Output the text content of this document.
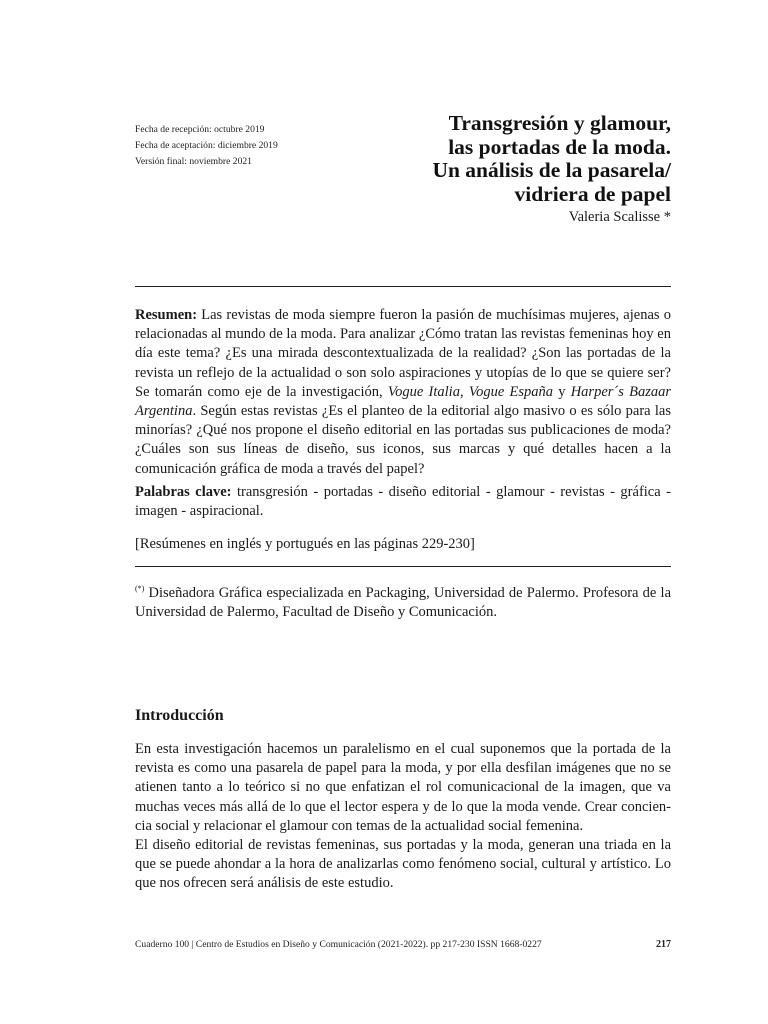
Fecha de recepción: octubre 2019
Fecha de aceptación: diciembre 2019
Versión final: noviembre 2021
Transgresión y glamour,
las portadas de la moda.
Un análisis de la pasarela/
vidriera de papel
Valeria Scalisse *
Resumen: Las revistas de moda siempre fueron la pasión de muchísimas mujeres, ajenas o relacionadas al mundo de la moda. Para analizar ¿Cómo tratan las revistas femeninas hoy en día este tema? ¿Es una mirada descontextualizada de la realidad? ¿Son las portadas de la revista un reflejo de la actualidad o son solo aspiraciones y utopías de lo que se quiere ser? Se tomarán como eje de la investigación, Vogue Italia, Vogue España y Harper´s Bazaar Argentina. Según estas revistas ¿Es el planteo de la editorial algo masivo o es sólo para las minorías? ¿Qué nos propone el diseño editorial en las portadas sus publicaciones de moda? ¿Cuáles son sus líneas de diseño, sus iconos, sus marcas y qué detalles hacen a la comunicación gráfica de moda a través del papel?
Palabras clave: transgresión - portadas - diseño editorial - glamour - revistas - gráfica - imagen - aspiracional.
[Resúmenes en inglés y portugués en las páginas 229-230]
(*) Diseñadora Gráfica especializada en Packaging, Universidad de Palermo. Profesora de la Universidad de Palermo, Facultad de Diseño y Comunicación.
Introducción

En esta investigación hacemos un paralelismo en el cual suponemos que la portada de la revista es como una pasarela de papel para la moda, y por ella desfilan imágenes que no se atienen tanto a lo teórico si no que enfatizan el rol comunicacional de la imagen, que va muchas veces más allá de lo que el lector espera y de lo que la moda vende. Crear conciencia social y relacionar el glamour con temas de la actualidad social femenina.

El diseño editorial de revistas femeninas, sus portadas y la moda, generan una triada en la que se puede ahondar a la hora de analizarlas como fenómeno social, cultural y artístico. Lo que nos ofrecen será análisis de este estudio.

Cuaderno 100 | Centro de Estudios en Diseño y Comunicación (2021-2022). pp 217-230 ISSN 1668-0227	217
